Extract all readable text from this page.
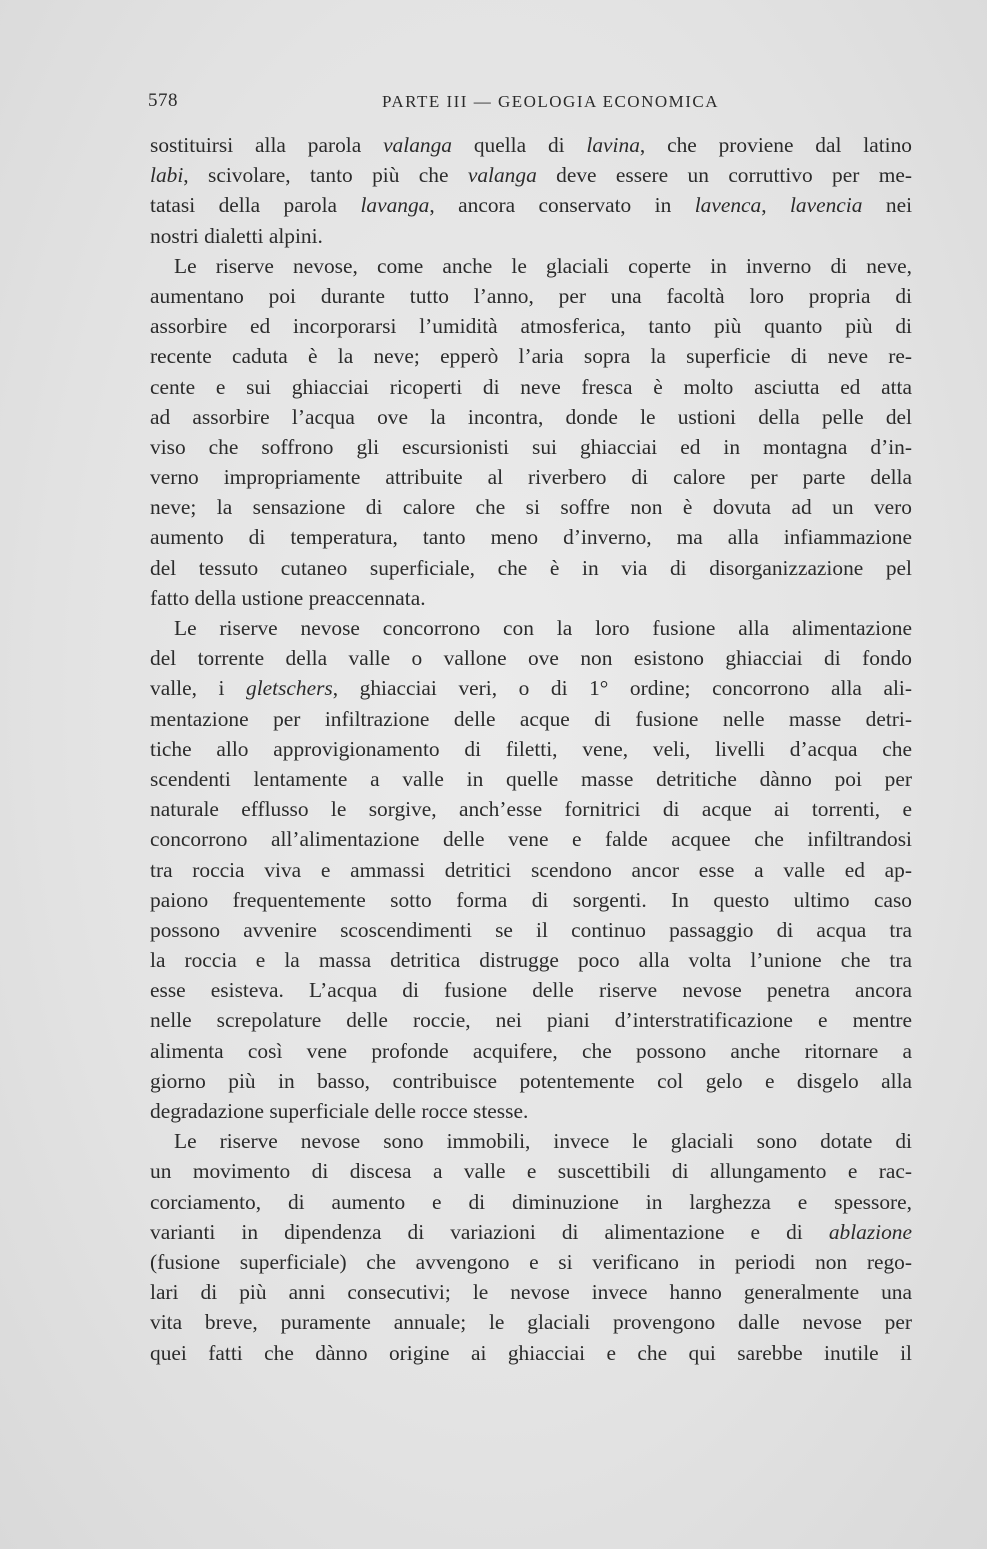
578	PARTE III — GEOLOGIA ECONOMICA
sostituirsi alla parola valanga quella di lavina, che proviene dal latino
labi, scivolare, tanto più che valanga deve essere un corruttivo per me-
tatasi della parola lavanga, ancora conservato in lavenca, lavencia nei
nostri dialetti alpini.
Le riserve nevose, come anche le glaciali coperte in inverno di neve,
aumentano poi durante tutto l’anno, per una facoltà loro propria di
assorbire ed incorporarsi l’umidità atmosferica, tanto più quanto più di
recente caduta è la neve; epperò l’aria sopra la superficie di neve re-
cente e sui ghiacciai ricoperti di neve fresca è molto asciutta ed atta
ad assorbire l’acqua ove la incontra, donde le ustioni della pelle del
viso che soffrono gli escursionisti sui ghiacciai ed in montagna d’in-
verno impropriamente attribuite al riverbero di calore per parte della
neve; la sensazione di calore che si soffre non è dovuta ad un vero
aumento di temperatura, tanto meno d’inverno, ma alla infiammazione
del tessuto cutaneo superficiale, che è in via di disorganizzazione pel
fatto della ustione preaccennata.
Le riserve nevose concorrono con la loro fusione alla alimentazione
del torrente della valle o vallone ove non esistono ghiacciai di fondo
valle, i gletschers, ghiacciai veri, o di 1° ordine; concorrono alla ali-
mentazione per infiltrazione delle acque di fusione nelle masse detri-
tiche allo approvigionamento di filetti, vene, veli, livelli d’acqua che
scendenti lentamente a valle in quelle masse detritiche dànno poi per
naturale efflusso le sorgive, anch’esse fornitrici di acque ai torrenti, e
concorrono all’alimentazione delle vene e falde acquee che infiltrandosi
tra roccia viva e ammassi detritici scendono ancor esse a valle ed ap-
paiono frequentemente sotto forma di sorgenti. In questo ultimo caso
possono avvenire scoscendimenti se il continuo passaggio di acqua tra
la roccia e la massa detritica distrugge poco alla volta l’unione che tra
esse esisteva. L’acqua di fusione delle riserve nevose penetra ancora
nelle screpolature delle roccie, nei piani d’interstratificazione e mentre
alimenta così vene profonde acquifere, che possono anche ritornare a
giorno più in basso, contribuisce potentemente col gelo e disgelo alla
degradazione superficiale delle rocce stesse.
Le riserve nevose sono immobili, invece le glaciali sono dotate di
un movimento di discesa a valle e suscettibili di allungamento e rac-
corciamento, di aumento e di diminuzione in larghezza e spessore,
varianti in dipendenza di variazioni di alimentazione e di ablazione
(fusione superficiale) che avvengono e si verificano in periodi non rego-
lari di più anni consecutivi; le nevose invece hanno generalmente una
vita breve, puramente annuale; le glaciali provengono dalle nevose per
quei fatti che dànno origine ai ghiacciai e che qui sarebbe inutile il
